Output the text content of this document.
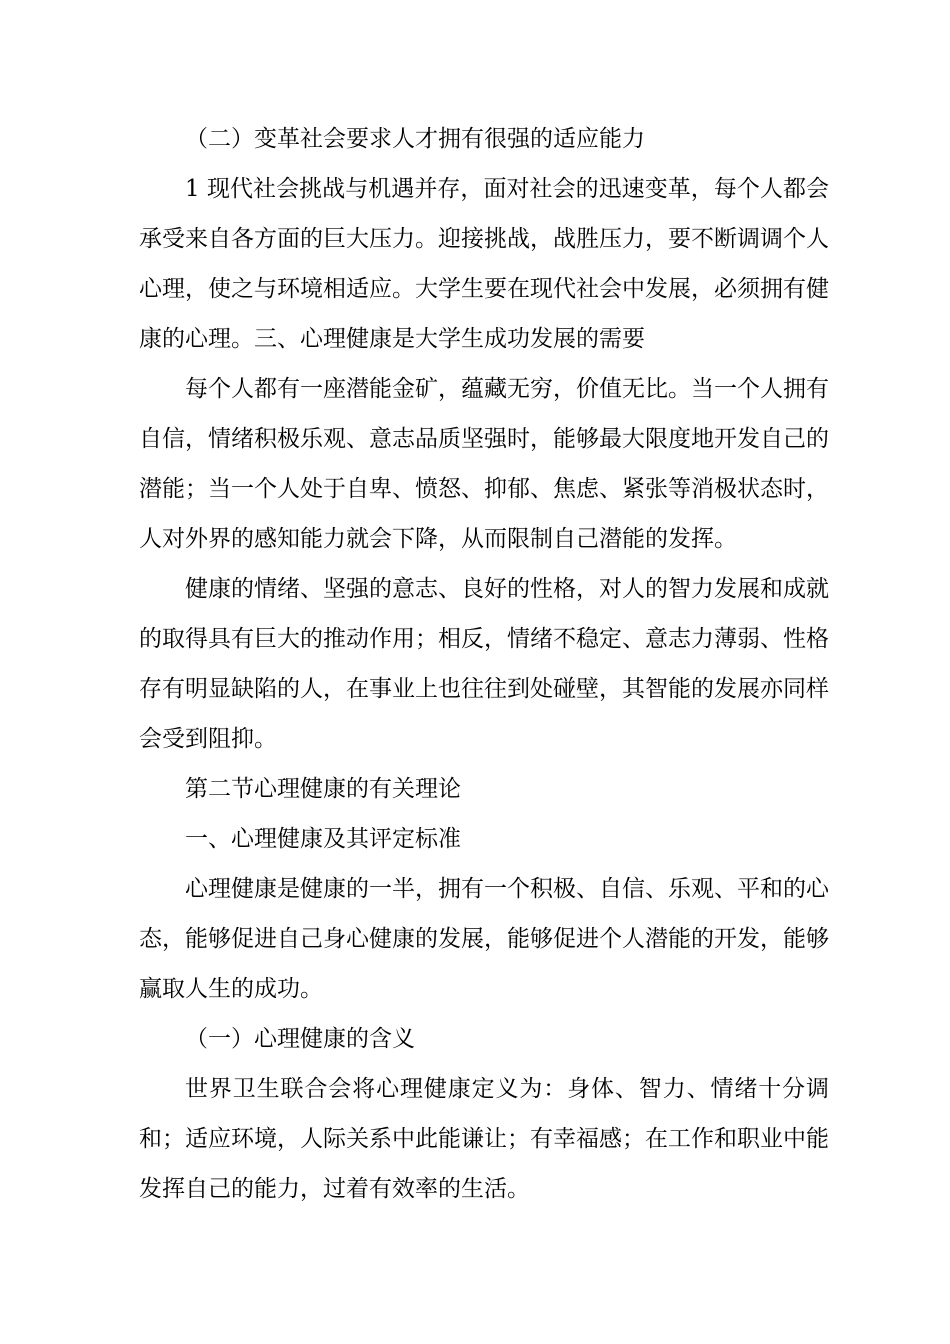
（二）变革社会要求人才拥有很强的适应能力

1 现代社会挑战与机遇并存，面对社会的迅速变革，每个人都会承受来自各方面的巨大压力。迎接挑战，战胜压力，要不断调调个人心理，使之与环境相适应。大学生要在现代社会中发展，必须拥有健康的心理。三、心理健康是大学生成功发展的需要

每个人都有一座潜能金矿，蕴藏无穷，价值无比。当一个人拥有自信，情绪积极乐观、意志品质坚强时，能够最大限度地开发自己的潜能；当一个人处于自卑、愤怒、抑郁、焦虑、紧张等消极状态时，人对外界的感知能力就会下降，从而限制自己潜能的发挥。

健康的情绪、坚强的意志、良好的性格，对人的智力发展和成就的取得具有巨大的推动作用；相反，情绪不稳定、意志力薄弱、性格存有明显缺陷的人，在事业上也往往到处碰壁，其智能的发展亦同样会受到阻抑。

第二节心理健康的有关理论

一、心理健康及其评定标准

心理健康是健康的一半，拥有一个积极、自信、乐观、平和的心态，能够促进自己身心健康的发展，能够促进个人潜能的开发，能够赢取人生的成功。

（一）心理健康的含义

世界卫生联合会将心理健康定义为：身体、智力、情绪十分调和；适应环境，人际关系中此能谦让；有幸福感；在工作和职业中能发挥自己的能力，过着有效率的生活。
